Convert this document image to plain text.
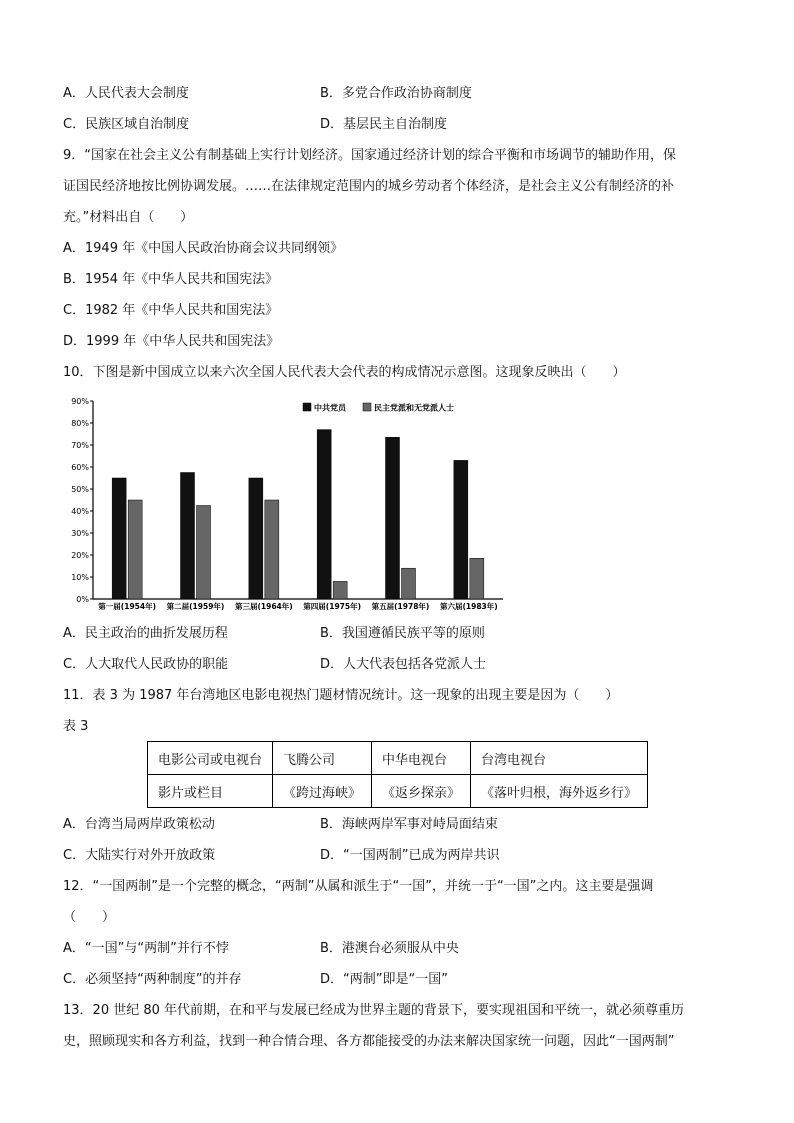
A．人民代表大会制度	B．多党合作政治协商制度
C．民族区域自治制度	D．基层民主自治制度
9．“国家在社会主义公有制基础上实行计划经济。国家通过经济计划的综合平衡和市场调节的辅助作用，保
证国民经济地按比例协调发展。……在法律规定范围内的城乡劳动者个体经济，是社会主义公有制经济的补
充。”材料出自（　　）
A．1949 年《中国人民政治协商会议共同纲领》
B．1954 年《中华人民共和国宪法》
C．1982 年《中华人民共和国宪法》
D．1999 年《中华人民共和国宪法》
10．下图是新中国成立以来六次全国人民代表大会代表的构成情况示意图。这现象反映出（　　）
0%
10%
20%
30%
40%
50%
60%
70%
80%
90%
第一届(1954年) 第二届(1959年) 第三届(1964年) 第四届(1975年) 第五届(1978年) 第六届(1983年)
中共党员	民主党派和无党派人士
A．民主政治的曲折发展历程	B．我国遵循民族平等的原则
C．人大取代人民政协的职能	D．人大代表包括各党派人士
11．表 3 为 1987 年台湾地区电影电视热门题材情况统计。这一现象的出现主要是因为（　　）
表 3
电影公司或电视台	飞腾公司	中华电视台	台湾电视台
影片或栏目	《跨过海峡》	《返乡探亲》	《落叶归根，海外返乡行》
A．台湾当局两岸政策松动	B．海峡两岸军事对峙局面结束
C．大陆实行对外开放政策	D．“一国两制”已成为两岸共识
12．“一国两制”是一个完整的概念，“两制”从属和派生于“一国”，并统一于“一国”之内。这主要是强调
（　　）
A．“一国”与“两制”并行不悖	B．港澳台必须服从中央
C．必须坚持“两种制度”的并存	D．“两制”即是“一国”
13．20 世纪 80 年代前期，在和平与发展已经成为世界主题的背景下，要实现祖国和平统一，就必须尊重历
史，照顾现实和各方利益，找到一种合情合理、各方都能接受的办法来解决国家统一问题，因此“一国两制”
